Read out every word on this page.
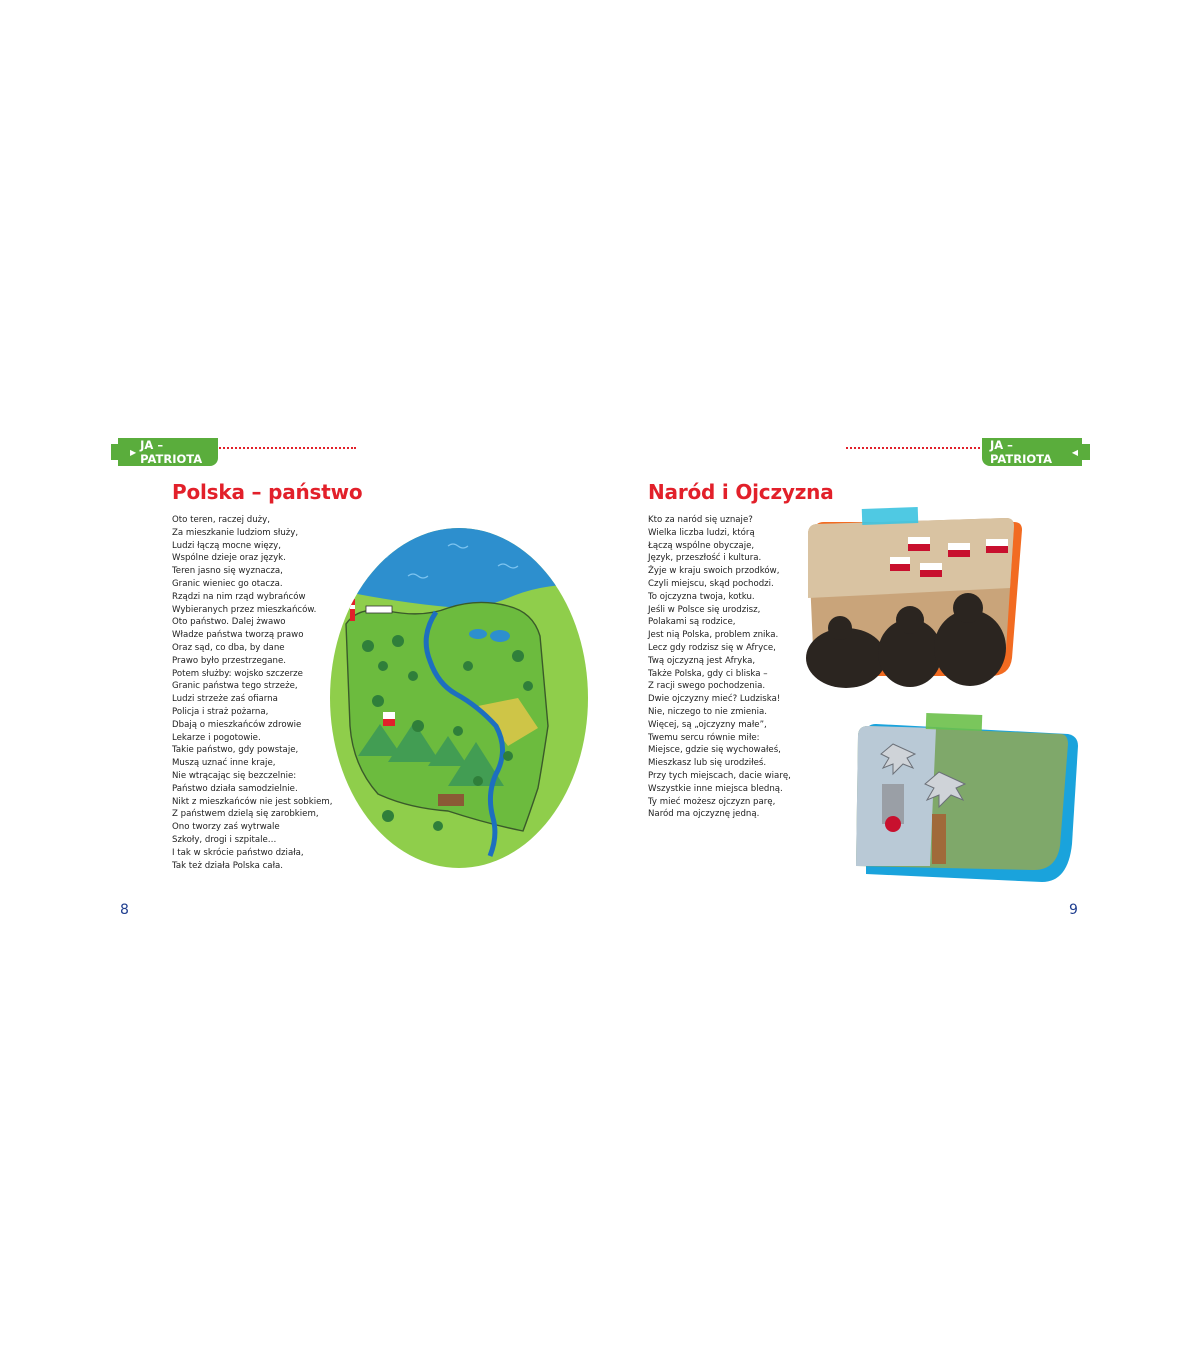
▶ JA – PATRIOTA
Polska – państwo
Oto teren, raczej duży,
Za mieszkanie ludziom służy,
Ludzi łączą mocne więzy,
Wspólne dzieje oraz język.
Teren jasno się wyznacza,
Granic wieniec go otacza.
Rządzi na nim rząd wybrańców
Wybieranych przez mieszkańców.
Oto państwo. Dalej żwawo
Władze państwa tworzą prawo
Oraz sąd, co dba, by dane
Prawo było przestrzegane.
Potem służby: wojsko szczerze
Granic państwa tego strzeże,
Ludzi strzeże zaś ofiarna
Policja i straż pożarna,
Dbają o mieszkańców zdrowie
Lekarze i pogotowie.
Takie państwo, gdy powstaje,
Muszą uznać inne kraje,
Nie wtrącając się bezczelnie:
Państwo działa samodzielnie.
Nikt z mieszkańców nie jest sobkiem,
Z państwem dzielą się zarobkiem,
Ono tworzy zaś wytrwale
Szkoły, drogi i szpitale…
I tak w skrócie państwo działa,
Tak też działa Polska cała.
8
JA – PATRIOTA	◀
Naród i Ojczyzna
Kto za naród się uznaje?
Wielka liczba ludzi, którą
Łączą wspólne obyczaje,
Język, przeszłość i kultura.
Żyje w kraju swoich przodków,
Czyli miejscu, skąd pochodzi.
To ojczyzna twoja, kotku.
Jeśli w Polsce się urodzisz,
Polakami są rodzice,
Jest nią Polska, problem znika.
Lecz gdy rodzisz się w Afryce,
Twą ojczyzną jest Afryka,
Także Polska, gdy ci bliska –
Z racji swego pochodzenia.
Dwie ojczyzny mieć? Ludziska!
Nie, niczego to nie zmienia.
Więcej, są „ojczyzny małe”,
Twemu sercu równie miłe:
Miejsce, gdzie się wychowałeś,
Mieszkasz lub się urodziłeś.
Przy tych miejscach, dacie wiarę,
Wszystkie inne miejsca bledną.
Ty mieć możesz ojczyzn parę,
Naród ma ojczyznę jedną.
9
